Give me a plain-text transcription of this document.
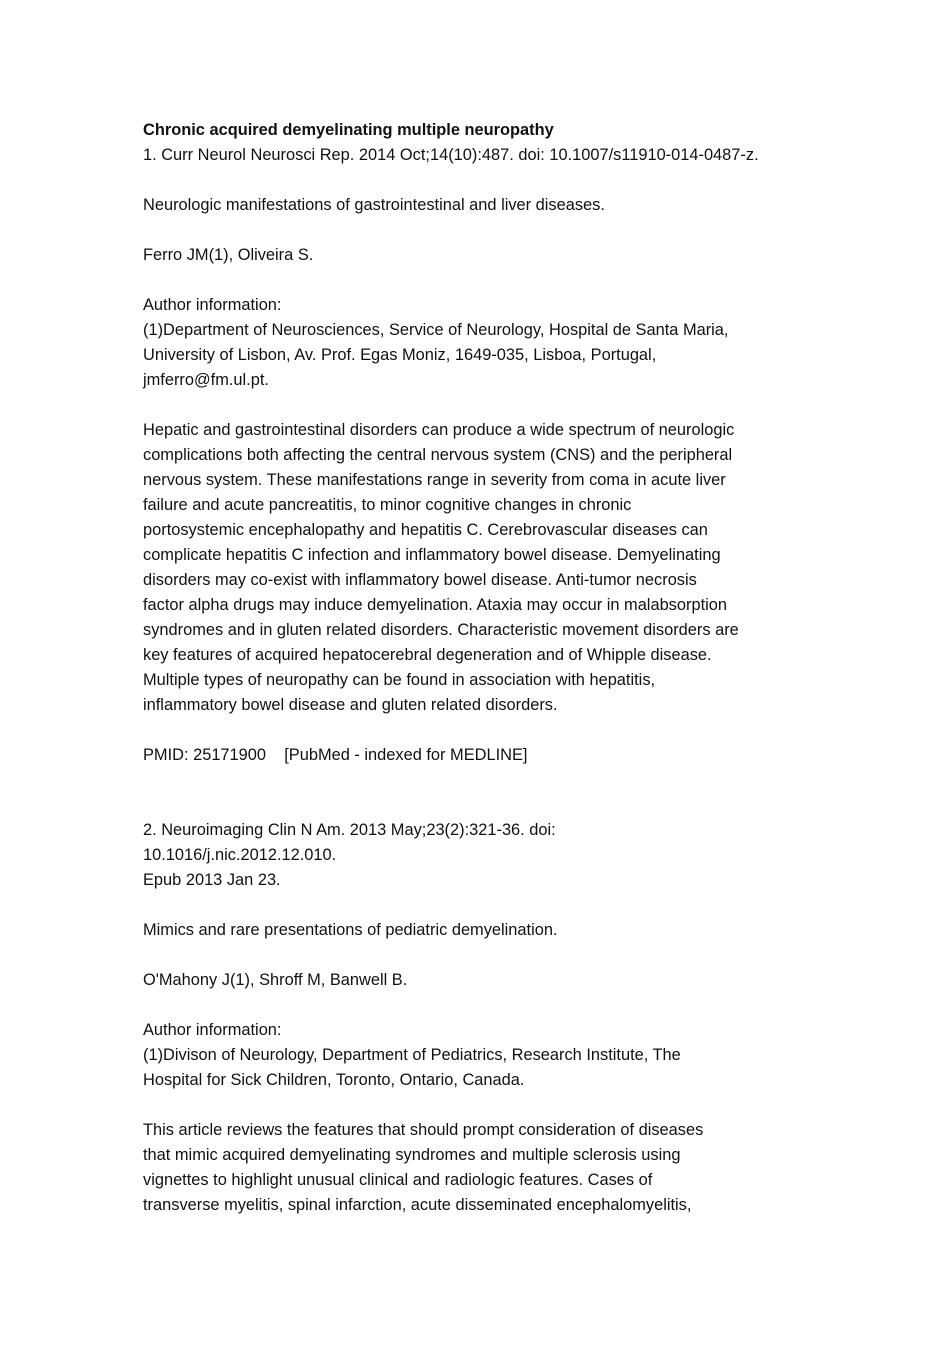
Chronic acquired demyelinating multiple neuropathy
1. Curr Neurol Neurosci Rep. 2014 Oct;14(10):487. doi: 10.1007/s11910-014-0487-z.
Neurologic manifestations of gastrointestinal and liver diseases.
Ferro JM(1), Oliveira S.
Author information:
(1)Department of Neurosciences, Service of Neurology, Hospital de Santa Maria,
University of Lisbon, Av. Prof. Egas Moniz, 1649-035, Lisboa, Portugal,
jmferro@fm.ul.pt.
Hepatic and gastrointestinal disorders can produce a wide spectrum of neurologic
complications both affecting the central nervous system (CNS) and the peripheral
nervous system. These manifestations range in severity from coma in acute liver
failure and acute pancreatitis, to minor cognitive changes in chronic
portosystemic encephalopathy and hepatitis C. Cerebrovascular diseases can
complicate hepatitis C infection and inflammatory bowel disease. Demyelinating
disorders may co-exist with inflammatory bowel disease. Anti-tumor necrosis
factor alpha drugs may induce demyelination. Ataxia may occur in malabsorption
syndromes and in gluten related disorders. Characteristic movement disorders are
key features of acquired hepatocerebral degeneration and of Whipple disease.
Multiple types of neuropathy can be found in association with hepatitis,
inflammatory bowel disease and gluten related disorders.
PMID: 25171900    [PubMed - indexed for MEDLINE]
2. Neuroimaging Clin N Am. 2013 May;23(2):321-36. doi:
10.1016/j.nic.2012.12.010.
Epub 2013 Jan 23.
Mimics and rare presentations of pediatric demyelination.
O'Mahony J(1), Shroff M, Banwell B.
Author information:
(1)Divison of Neurology, Department of Pediatrics, Research Institute, The
Hospital for Sick Children, Toronto, Ontario, Canada.
This article reviews the features that should prompt consideration of diseases
that mimic acquired demyelinating syndromes and multiple sclerosis using
vignettes to highlight unusual clinical and radiologic features. Cases of
transverse myelitis, spinal infarction, acute disseminated encephalomyelitis,
